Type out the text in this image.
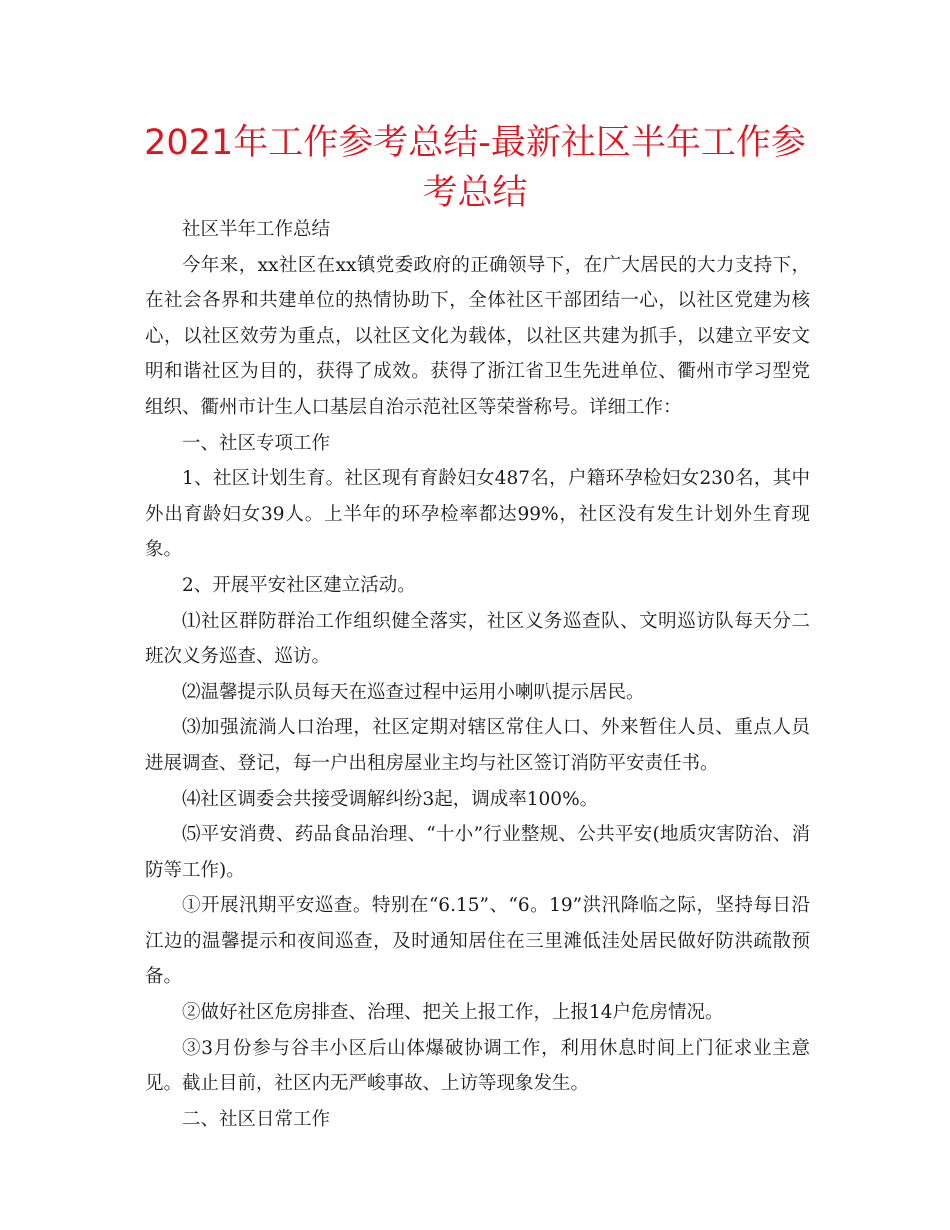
2021年工作参考总结-最新社区半年工作参考总结

社区半年工作总结

今年来，xx社区在xx镇党委政府的正确领导下，在广大居民的大力支持下，在社会各界和共建单位的热情协助下，全体社区干部团结一心，以社区党建为核心，以社区效劳为重点，以社区文化为载体，以社区共建为抓手，以建立平安文明和谐社区为目的，获得了成效。获得了浙江省卫生先进单位、衢州市学习型党组织、衢州市计生人口基层自治示范社区等荣誉称号。详细工作：

一、社区专项工作

1、社区计划生育。社区现有育龄妇女487名，户籍环孕检妇女230名，其中外出育龄妇女39人。上半年的环孕检率都达99%，社区没有发生计划外生育现象。

2、开展平安社区建立活动。

⑴社区群防群治工作组织健全落实，社区义务巡查队、文明巡访队每天分二班次义务巡查、巡访。

⑵温馨提示队员每天在巡查过程中运用小喇叭提示居民。

⑶加强流淌人口治理，社区定期对辖区常住人口、外来暂住人员、重点人员进展调查、登记，每一户出租房屋业主均与社区签订消防平安责任书。

⑷社区调委会共接受调解纠纷3起，调成率100%。

⑸平安消费、药品食品治理、“十小”行业整规、公共平安(地质灾害防治、消防等工作)。

①开展汛期平安巡查。特别在“6.15”、“6。19”洪汛降临之际，坚持每日沿江边的温馨提示和夜间巡查，及时通知居住在三里滩低洼处居民做好防洪疏散预备。

②做好社区危房排查、治理、把关上报工作，上报14户危房情况。

③3月份参与谷丰小区后山体爆破协调工作，利用休息时间上门征求业主意见。截止目前，社区内无严峻事故、上访等现象发生。

二、社区日常工作
